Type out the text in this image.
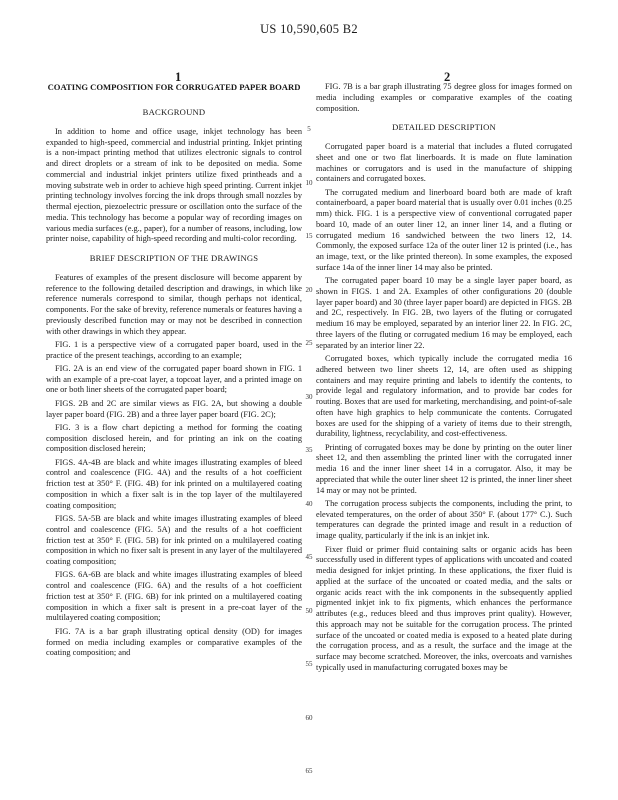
US 10,590,605 B2
1	2
COATING COMPOSITION FOR CORRUGATED PAPER BOARD
BACKGROUND

In addition to home and office usage, inkjet technology has been expanded to high-speed, commercial and industrial printing. Inkjet printing is a non-impact printing method that utilizes electronic signals to control and direct droplets or a stream of ink to be deposited on media. Some commercial and industrial inkjet printers utilize fixed printheads and a moving substrate web in order to achieve high speed printing. Current inkjet printing technology involves forcing the ink drops through small nozzles by thermal ejection, piezoelectric pressure or oscillation onto the surface of the media. This technology has become a popular way of recording images on various media surfaces (e.g., paper), for a number of reasons, including, low printer noise, capability of high-speed recording and multi-color recording.

BRIEF DESCRIPTION OF THE DRAWINGS

Features of examples of the present disclosure will become apparent by reference to the following detailed description and drawings, in which like reference numerals correspond to similar, though perhaps not identical, components. For the sake of brevity, reference numerals or features having a previously described function may or may not be described in connection with other drawings in which they appear.

FIG. 1 is a perspective view of a corrugated paper board, used in the practice of the present teachings, according to an example;

FIG. 2A is an end view of the corrugated paper board shown in FIG. 1 with an example of a pre-coat layer, a topcoat layer, and a printed image on one or both liner sheets of the corrugated paper board;

FIGS. 2B and 2C are similar views as FIG. 2A, but showing a double layer paper board (FIG. 2B) and a three layer paper board (FIG. 2C);

FIG. 3 is a flow chart depicting a method for forming the coating composition disclosed herein, and for printing an ink on the coating composition disclosed herein;

FIGS. 4A-4B are black and white images illustrating examples of bleed control and coalescence (FIG. 4A) and the results of a hot coefficient friction test at 350° F. (FIG. 4B) for ink printed on a multilayered coating composition in which a fixer salt is in the top layer of the multilayered coating composition;

FIGS. 5A-5B are black and white images illustrating examples of bleed control and coalescence (FIG. 5A) and the results of a hot coefficient friction test at 350° F. (FIG. 5B) for ink printed on a multilayered coating composition in which no fixer salt is present in any layer of the multilayered coating composition;

FIGS. 6A-6B are black and white images illustrating examples of bleed control and coalescence (FIG. 6A) and the results of a hot coefficient friction test at 350° F. (FIG. 6B) for ink printed on a multilayered coating composition in which a fixer salt is present in a pre-coat layer of the multilayered coating composition;

FIG. 7A is a bar graph illustrating optical density (OD) for images formed on media including examples or comparative examples of the coating composition; and

FIG. 7B is a bar graph illustrating 75 degree gloss for images formed on media including examples or comparative examples of the coating composition.

DETAILED DESCRIPTION

Corrugated paper board is a material that includes a fluted corrugated sheet and one or two flat linerboards. It is made on flute lamination machines or corrugators and is used in the manufacture of shipping containers and corrugated boxes.

The corrugated medium and linerboard board both are made of kraft containerboard, a paper board material that is usually over 0.01 inches (0.25 mm) thick. FIG. 1 is a perspective view of conventional corrugated paper board 10, made of an outer liner 12, an inner liner 14, and a fluting or corrugated medium 16 sandwiched between the two liners 12, 14. Commonly, the exposed surface 12a of the outer liner 12 is printed (i.e., has an image, text, or the like printed thereon). In some examples, the exposed surface 14a of the inner liner 14 may also be printed.

The corrugated paper board 10 may be a single layer paper board, as shown in FIGS. 1 and 2A. Examples of other configurations 20 (double layer paper board) and 30 (three layer paper board) are depicted in FIGS. 2B and 2C, respectively. In FIG. 2B, two layers of the fluting or corrugated medium 16 may be employed, separated by an interior liner 22. In FIG. 2C, three layers of the fluting or corrugated medium 16 may be employed, each separated by an interior liner 22.

Corrugated boxes, which typically include the corrugated media 16 adhered between two liner sheets 12, 14, are often used as shipping containers and may require printing and labels to identify the contents, to provide legal and regulatory information, and to provide bar codes for routing. Boxes that are used for marketing, merchandising, and point-of-sale often have high graphics to help communicate the contents. Corrugated boxes are used for the shipping of a variety of items due to their strength, durability, lightness, recyclability, and cost-effectiveness.

Printing of corrugated boxes may be done by printing on the outer liner sheet 12, and then assembling the printed liner with the corrugated inner media 16 and the inner liner sheet 14 in a corrugator. Also, it may be appreciated that while the outer liner sheet 12 is printed, the inner liner sheet 14 may or may not be printed.

The corrugation process subjects the components, including the print, to elevated temperatures, on the order of about 350° F. (about 177° C.). Such temperatures can degrade the printed image and result in a reduction of image quality, particularly if the ink is an inkjet ink.

Fixer fluid or primer fluid containing salts or organic acids has been successfully used in different types of applications with uncoated and coated media designed for inkjet printing. In these applications, the fixer fluid is applied at the surface of the uncoated or coated media, and the salts or organic acids react with the ink components in the subsequently applied pigmented inkjet ink to fix pigments, which enhances the performance attributes (e.g., reduces bleed and thus improves print quality). However, this approach may not be suitable for the corrugation process. The printed surface of the uncoated or coated media is exposed to a heated plate during the corrugation process, and as a result, the surface and the image at the surface may become scratched. Moreover, the inks, overcoats and varnishes typically used in manufacturing corrugated boxes may be

5
10
15
20
25
30
35
40
45
50
55
60
65
